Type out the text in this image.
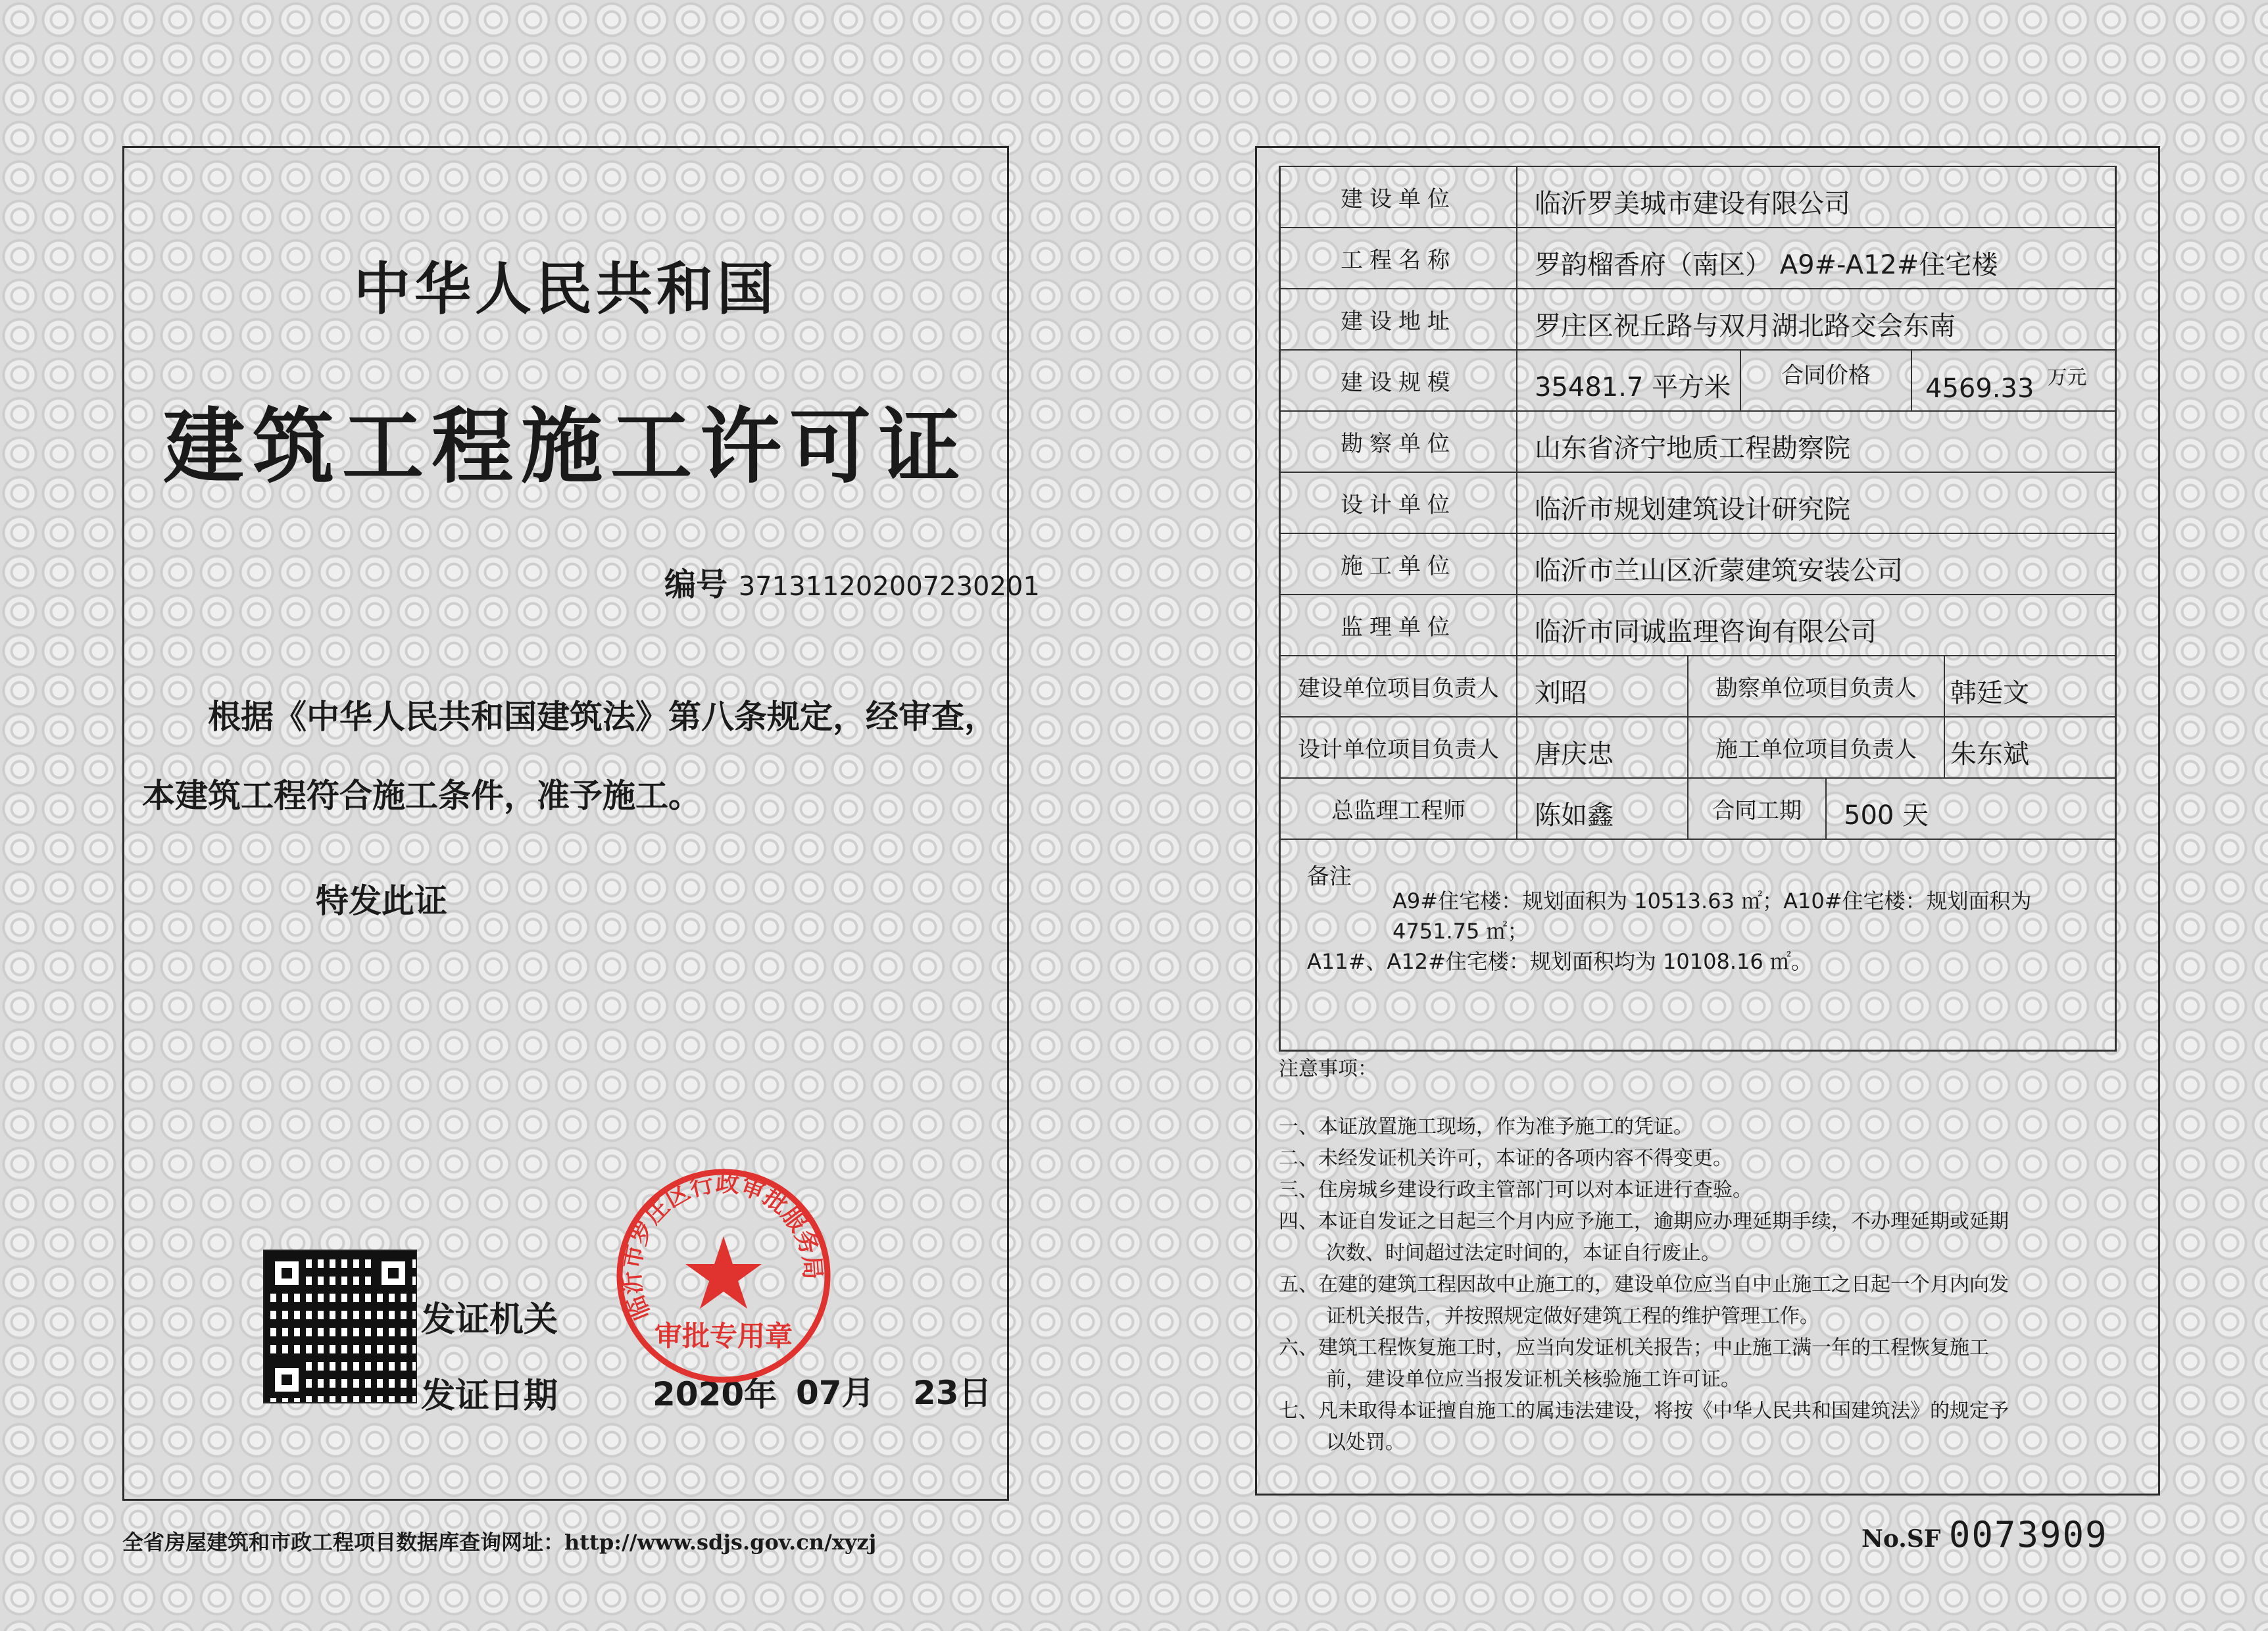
中华人民共和国
建筑工程施工许可证
编号 371311202007230201
根据《中华人民共和国建筑法》第八条规定，经审查，
本建筑工程符合施工条件，准予施工。
特发此证
发证机关
发证日期	2020年 07月 23日
临沂市罗庄区行政审批服务局
审批专用章
全省房屋建筑和市政工程项目数据库查询网址：http://www.sdjs.gov.cn/xyzj
建设单位	临沂罗美城市建设有限公司
工程名称	罗韵榴香府（南区） A9#-A12#住宅楼
建设地址	罗庄区祝丘路与双月湖北路交会东南
建设规模	35481.7 平方米	合同价格	4569.33 万元
勘察单位	山东省济宁地质工程勘察院
设计单位	临沂市规划建筑设计研究院
施工单位	临沂市兰山区沂蒙建筑安装公司
监理单位	临沂市同诚监理咨询有限公司
建设单位项目负责人	刘昭	勘察单位项目负责人	韩廷文
设计单位项目负责人	唐庆忠	施工单位项目负责人	朱东斌
总监理工程师	陈如鑫	合同工期	500 天
备注
A9#住宅楼：规划面积为 10513.63 ㎡；A10#住宅楼：规划面积为 4751.75 ㎡；
A11#、A12#住宅楼：规划面积均为 10108.16 ㎡。
注意事项：
一、本证放置施工现场，作为准予施工的凭证。
二、未经发证机关许可，本证的各项内容不得变更。
三、住房城乡建设行政主管部门可以对本证进行查验。
四、本证自发证之日起三个月内应予施工，逾期应办理延期手续，不办理延期或延期
次数、时间超过法定时间的，本证自行废止。
五、在建的建筑工程因故中止施工的，建设单位应当自中止施工之日起一个月内向发
证机关报告，并按照规定做好建筑工程的维护管理工作。
六、建筑工程恢复施工时，应当向发证机关报告；中止施工满一年的工程恢复施工
前，建设单位应当报发证机关核验施工许可证。
七、凡未取得本证擅自施工的属违法建设，将按《中华人民共和国建筑法》的规定予
以处罚。
No.SF 0073909
